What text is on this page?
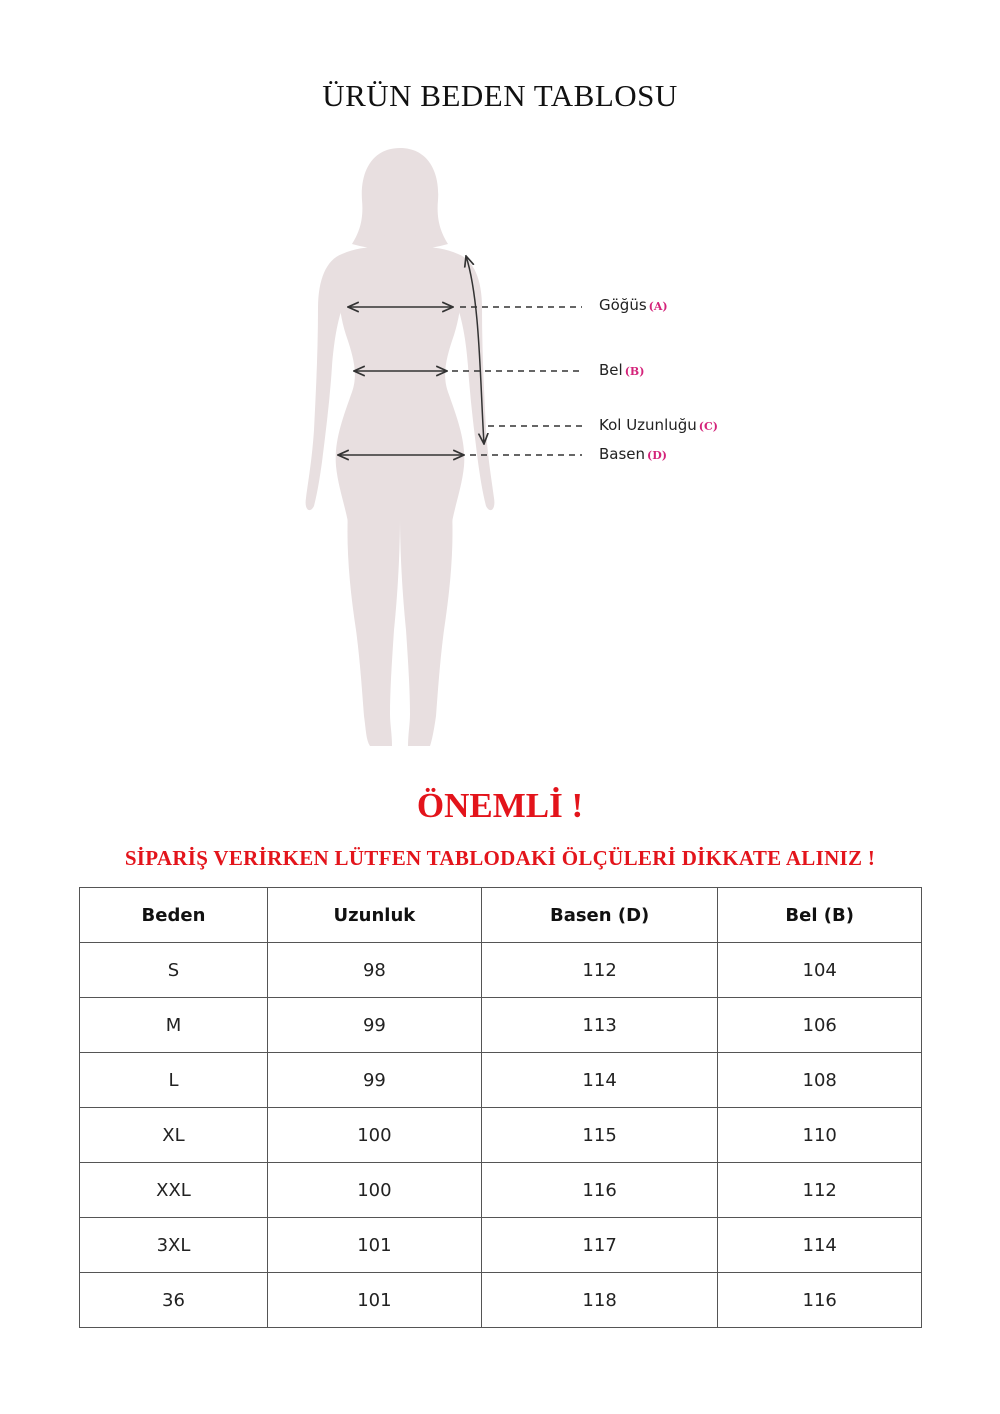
ÜRÜN BEDEN TABLOSU
Göğüs (A)
Bel (B)
Kol Uzunluğu (C)
Basen (D)
ÖNEMLİ !
SİPARİŞ VERİRKEN LÜTFEN TABLODAKİ ÖLÇÜLERİ DİKKATE ALINIZ !
Beden	Uzunluk	Basen (D)	Bel (B)
S	98	112	104
M	99	113	106
L	99	114	108
XL	100	115	110
XXL	100	116	112
3XL	101	117	114
36	101	118	116
